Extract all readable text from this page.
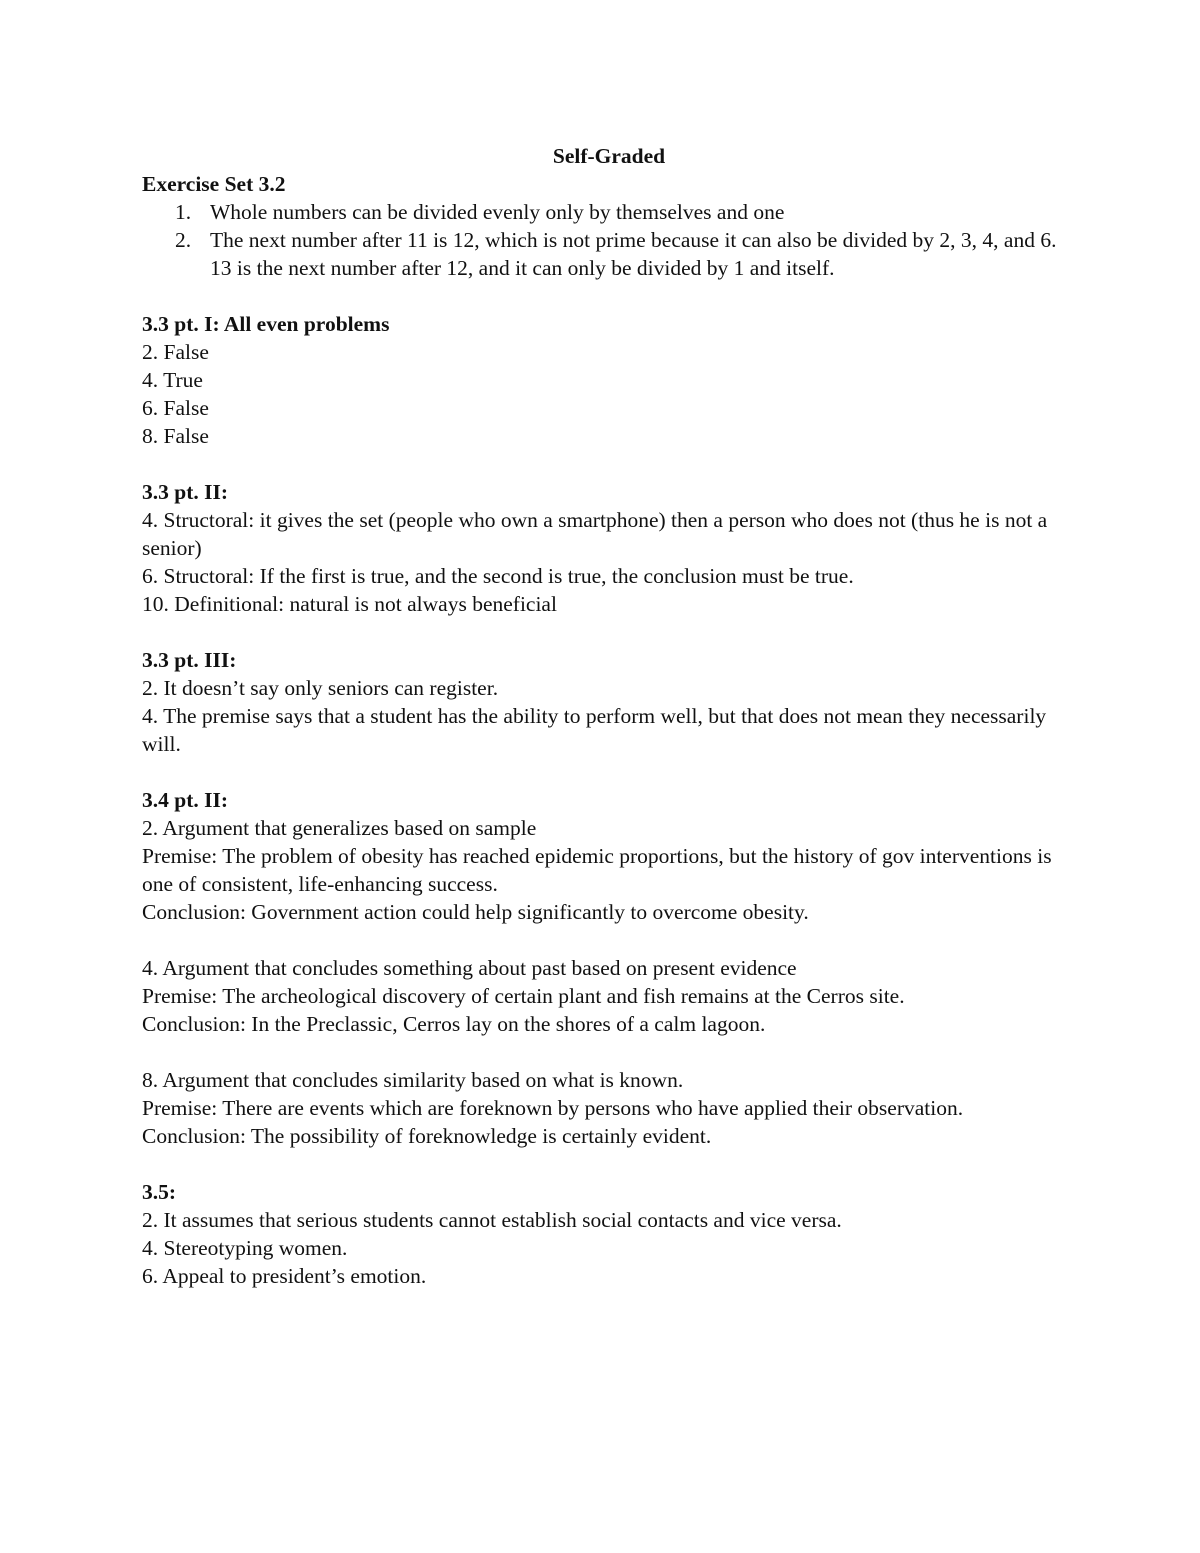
Self-Graded

Exercise Set 3.2

1. Whole numbers can be divided evenly only by themselves and one
2. The next number after 11 is 12, which is not prime because it can also be divided by 2, 3, 4, and 6. 13 is the next number after 12, and it can only be divided by 1 and itself.

3.3 pt. I: All even problems

2. False

4. True

6. False

8. False

3.3 pt. II:

4. Structoral: it gives the set (people who own a smartphone) then a person who does not (thus he is not a senior)

6. Structoral: If the first is true, and the second is true, the conclusion must be true.

10. Definitional: natural is not always beneficial

3.3 pt. III:

2. It doesn’t say only seniors can register.

4. The premise says that a student has the ability to perform well, but that does not mean they necessarily will.

3.4 pt. II:

2. Argument that generalizes based on sample

Premise: The problem of obesity has reached epidemic proportions, but the history of gov interventions is one of consistent, life-enhancing success.

Conclusion: Government action could help significantly to overcome obesity.

4. Argument that concludes something about past based on present evidence

Premise: The archeological discovery of certain plant and fish remains at the Cerros site.

Conclusion: In the Preclassic, Cerros lay on the shores of a calm lagoon.

8. Argument that concludes similarity based on what is known.

Premise: There are events which are foreknown by persons who have applied their observation.

Conclusion: The possibility of foreknowledge is certainly evident.

3.5:

2. It assumes that serious students cannot establish social contacts and vice versa.

4. Stereotyping women.

6. Appeal to president’s emotion.
